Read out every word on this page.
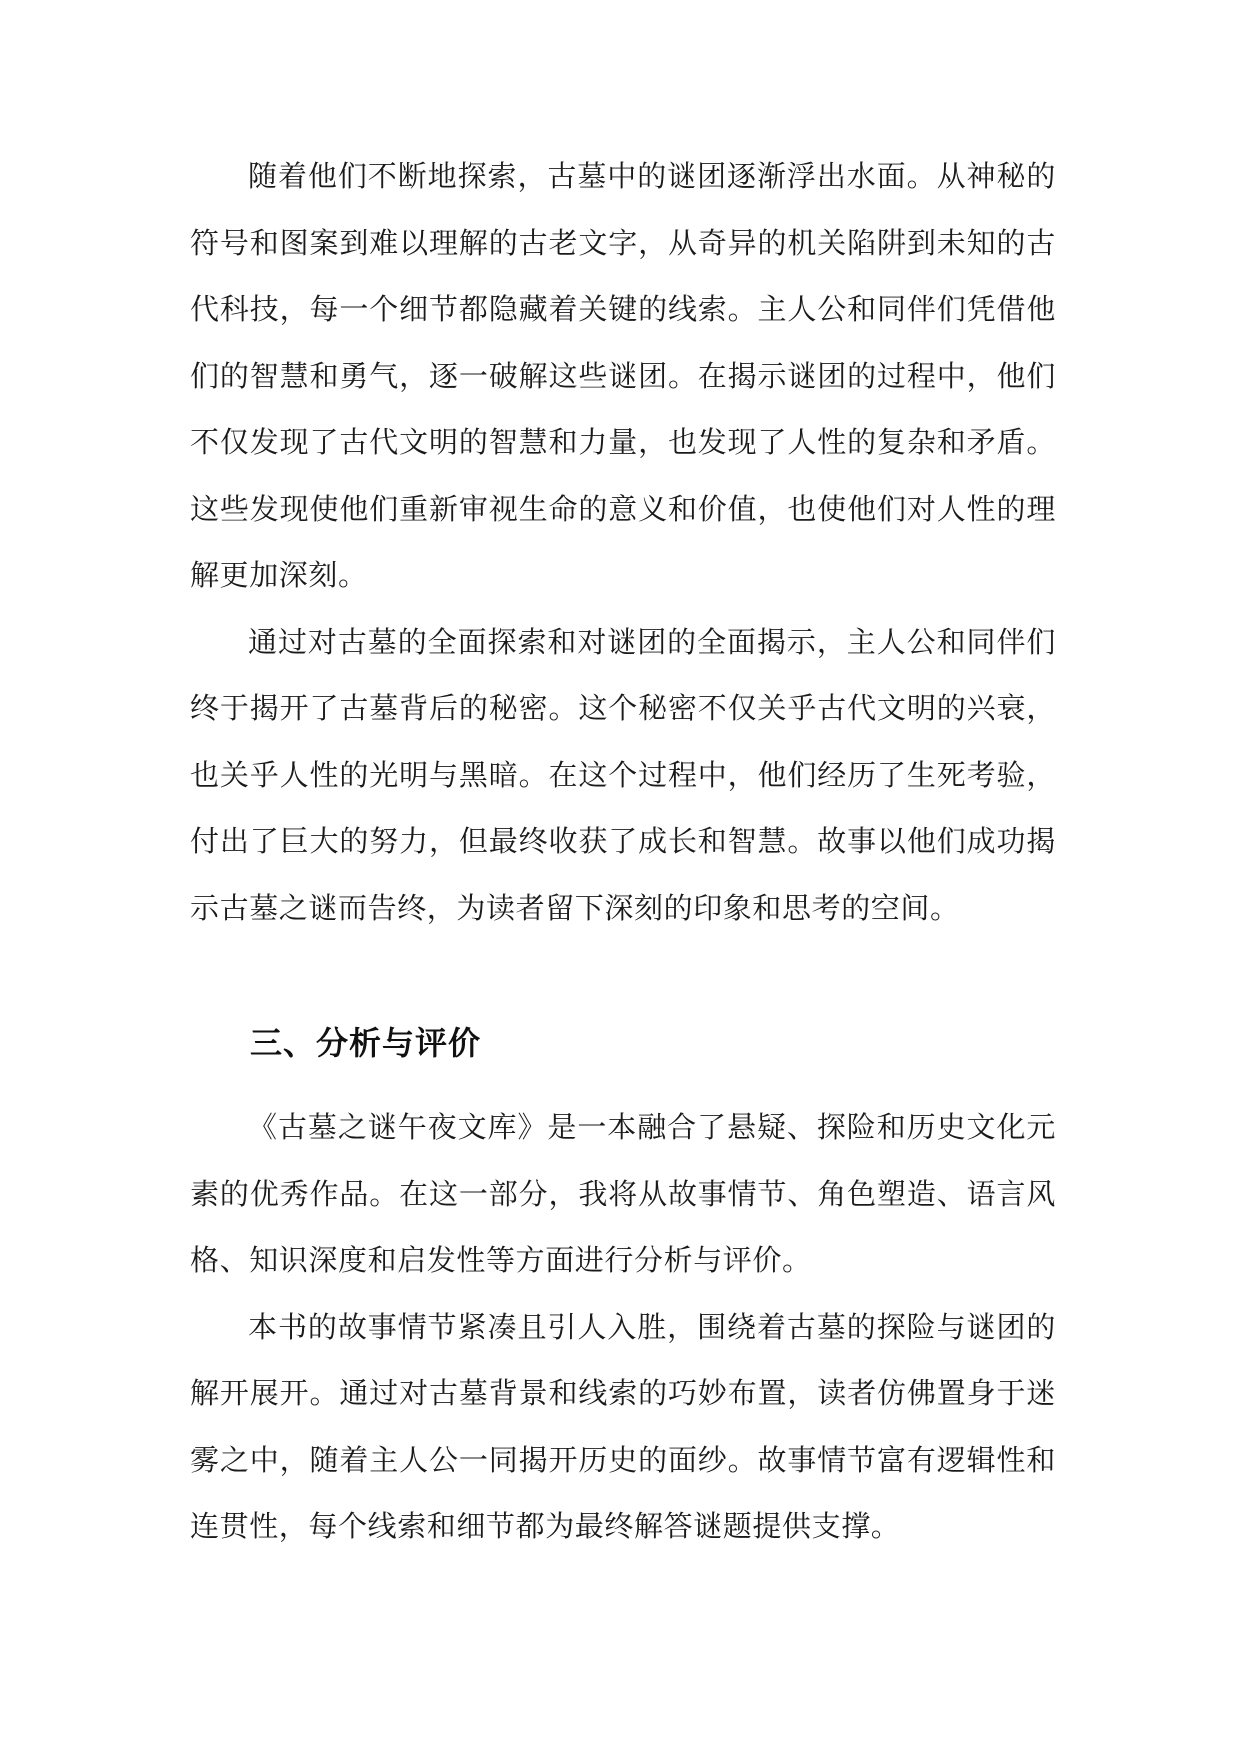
随着他们不断地探索，古墓中的谜团逐渐浮出水面。从神秘的符号和图案到难以理解的古老文字，从奇异的机关陷阱到未知的古代科技，每一个细节都隐藏着关键的线索。主人公和同伴们凭借他们的智慧和勇气，逐一破解这些谜团。在揭示谜团的过程中，他们不仅发现了古代文明的智慧和力量，也发现了人性的复杂和矛盾。这些发现使他们重新审视生命的意义和价值，也使他们对人性的理解更加深刻。

通过对古墓的全面探索和对谜团的全面揭示，主人公和同伴们终于揭开了古墓背后的秘密。这个秘密不仅关乎古代文明的兴衰，也关乎人性的光明与黑暗。在这个过程中，他们经历了生死考验，付出了巨大的努力，但最终收获了成长和智慧。故事以他们成功揭示古墓之谜而告终，为读者留下深刻的印象和思考的空间。

三、分析与评价

《古墓之谜午夜文库》是一本融合了悬疑、探险和历史文化元素的优秀作品。在这一部分，我将从故事情节、角色塑造、语言风格、知识深度和启发性等方面进行分析与评价。

本书的故事情节紧凑且引人入胜，围绕着古墓的探险与谜团的解开展开。通过对古墓背景和线索的巧妙布置，读者仿佛置身于迷雾之中，随着主人公一同揭开历史的面纱。故事情节富有逻辑性和连贯性，每个线索和细节都为最终解答谜题提供支撑。
